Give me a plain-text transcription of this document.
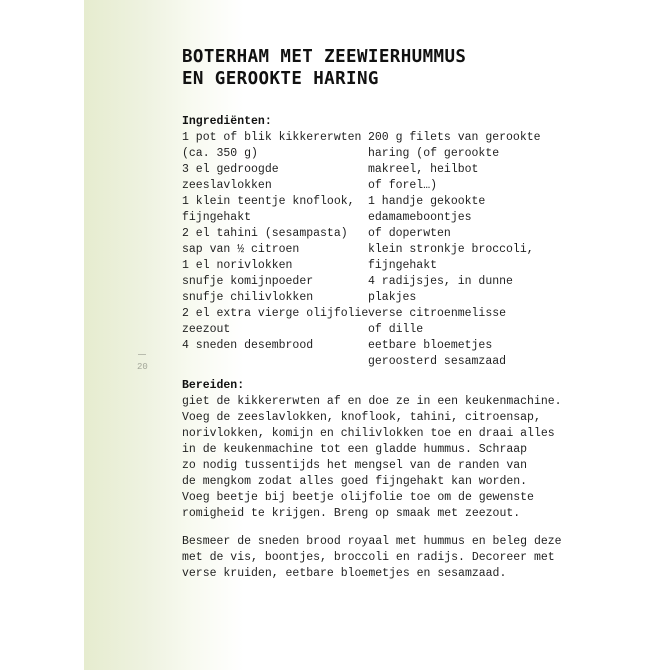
20
BOTERHAM MET ZEEWIERHUMMUS
EN GEROOKTE HARING
Ingrediënten:
1 pot of blik kikkererwten
(ca. 350 g)
3 el gedroogde
zeeslavlokken
1 klein teentje knoflook,
fijngehakt
2 el tahini (sesampasta)
sap van ½ citroen
1 el norivlokken
snufje komijnpoeder
snufje chilivlokken
2 el extra vierge olijfolie
zeezout
4 sneden desembrood
200 g filets van gerookte
haring (of gerookte
makreel, heilbot
of forel…)
1 handje gekookte
edamameboontjes
of doperwten
klein stronkje broccoli,
fijngehakt
4 radijsjes, in dunne
plakjes
verse citroenmelisse
of dille
eetbare bloemetjes
geroosterd sesamzaad
Bereiden:
giet de kikkererwten af en doe ze in een keukenmachine.
Voeg de zeeslavlokken, knoflook, tahini, citroensap,
norivlokken, komijn en chilivlokken toe en draai alles
in de keukenmachine tot een gladde hummus. Schraap
zo nodig tussentijds het mengsel van de randen van
de mengkom zodat alles goed fijngehakt kan worden.
Voeg beetje bij beetje olijfolie toe om de gewenste
romigheid te krijgen. Breng op smaak met zeezout.
Besmeer de sneden brood royaal met hummus en beleg deze
met de vis, boontjes, broccoli en radijs. Decoreer met
verse kruiden, eetbare bloemetjes en sesamzaad.
